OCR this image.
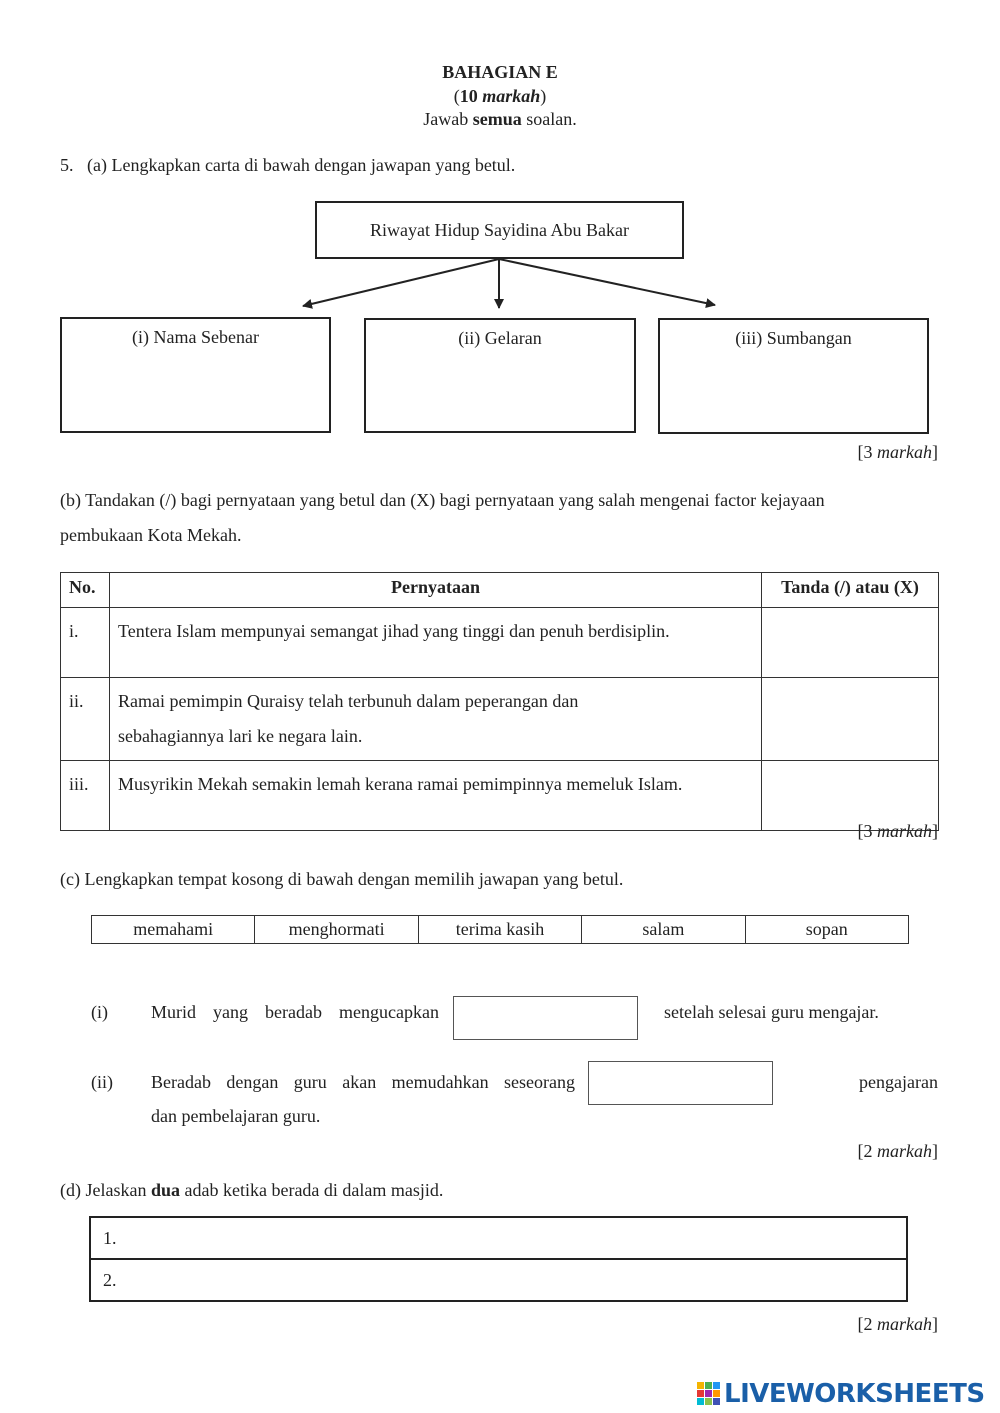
BAHAGIAN E
(10 markah)
Jawab semua soalan.
5. (a) Lengkapkan carta di bawah dengan jawapan yang betul.
Riwayat Hidup Sayidina Abu Bakar
(i) Nama Sebenar	(ii) Gelaran	(iii) Sumbangan
[3 markah]
(b) Tandakan (/) bagi pernyataan yang betul dan (X) bagi pernyataan yang salah mengenai factor kejayaan
pembukaan Kota Mekah.
No.	Pernyataan	Tanda (/) atau (X)
i.	Tentera Islam mempunyai semangat jihad yang tinggi dan penuh berdisiplin.	
ii.	Ramai pemimpin Quraisy telah terbunuh dalam peperangan dan sebahagiannya lari ke negara lain.	
iii.	Musyrikin Mekah semakin lemah kerana ramai pemimpinnya memeluk Islam.	
[3 markah]
(c) Lengkapkan tempat kosong di bawah dengan memilih jawapan yang betul.
memahami	menghormati	terima kasih	salam	sopan
(i) Murid yang beradab mengucapkan	setelah selesai guru mengajar.
(ii) Beradab dengan guru akan memudahkan seseorang	pengajaran
dan pembelajaran guru.
[2 markah]
(d) Jelaskan dua adab ketika berada di dalam masjid.
1.
2.
[2 markah]
LIVEWORKSHEETS
